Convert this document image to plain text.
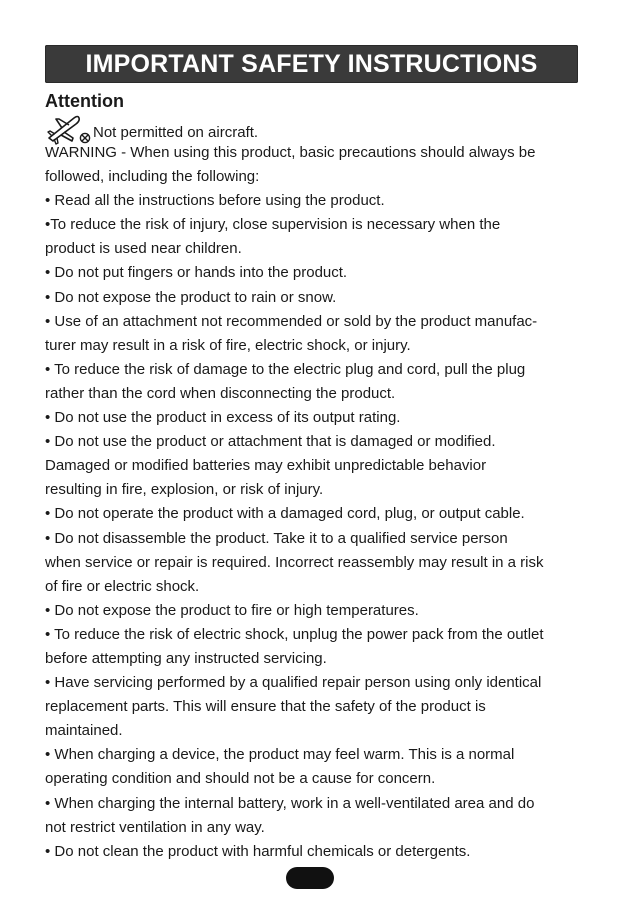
IMPORTANT SAFETY INSTRUCTIONS
Attention
Not permitted on aircraft.
WARNING - When using this product, basic precautions should always be
followed, including the following:
• Read all the instructions before using the product.
•To reduce the risk of injury, close supervision is necessary when the
product is used near children.
• Do not put fingers or hands into the product.
• Do not expose the product to rain or snow.
• Use of an attachment not recommended or sold by the product manufac-
turer may result in a risk of fire, electric shock, or injury.
• To reduce the risk of damage to the electric plug and cord, pull the plug
rather than the cord when disconnecting the product.
• Do not use the product in excess of its output rating.
• Do not use the product or attachment that is damaged or modified.
Damaged or modified batteries may exhibit unpredictable behavior
resulting in fire, explosion, or risk of injury.
• Do not operate the product with a damaged cord, plug, or output cable.
• Do not disassemble the product. Take it to a qualified service person
when service or repair is required. Incorrect reassembly may result in a risk
of fire or electric shock.
• Do not expose the product to fire or high temperatures.
• To reduce the risk of electric shock, unplug the power pack from the outlet
before attempting any instructed servicing.
• Have servicing performed by a qualified repair person using only identical
replacement parts. This will ensure that the safety of the product is
maintained.
• When charging a device, the product may feel warm. This is a normal
operating condition and should not be a cause for concern.
• When charging the internal battery, work in a well-ventilated area and do
not restrict ventilation in any way.
• Do not clean the product with harmful chemicals or detergents.
